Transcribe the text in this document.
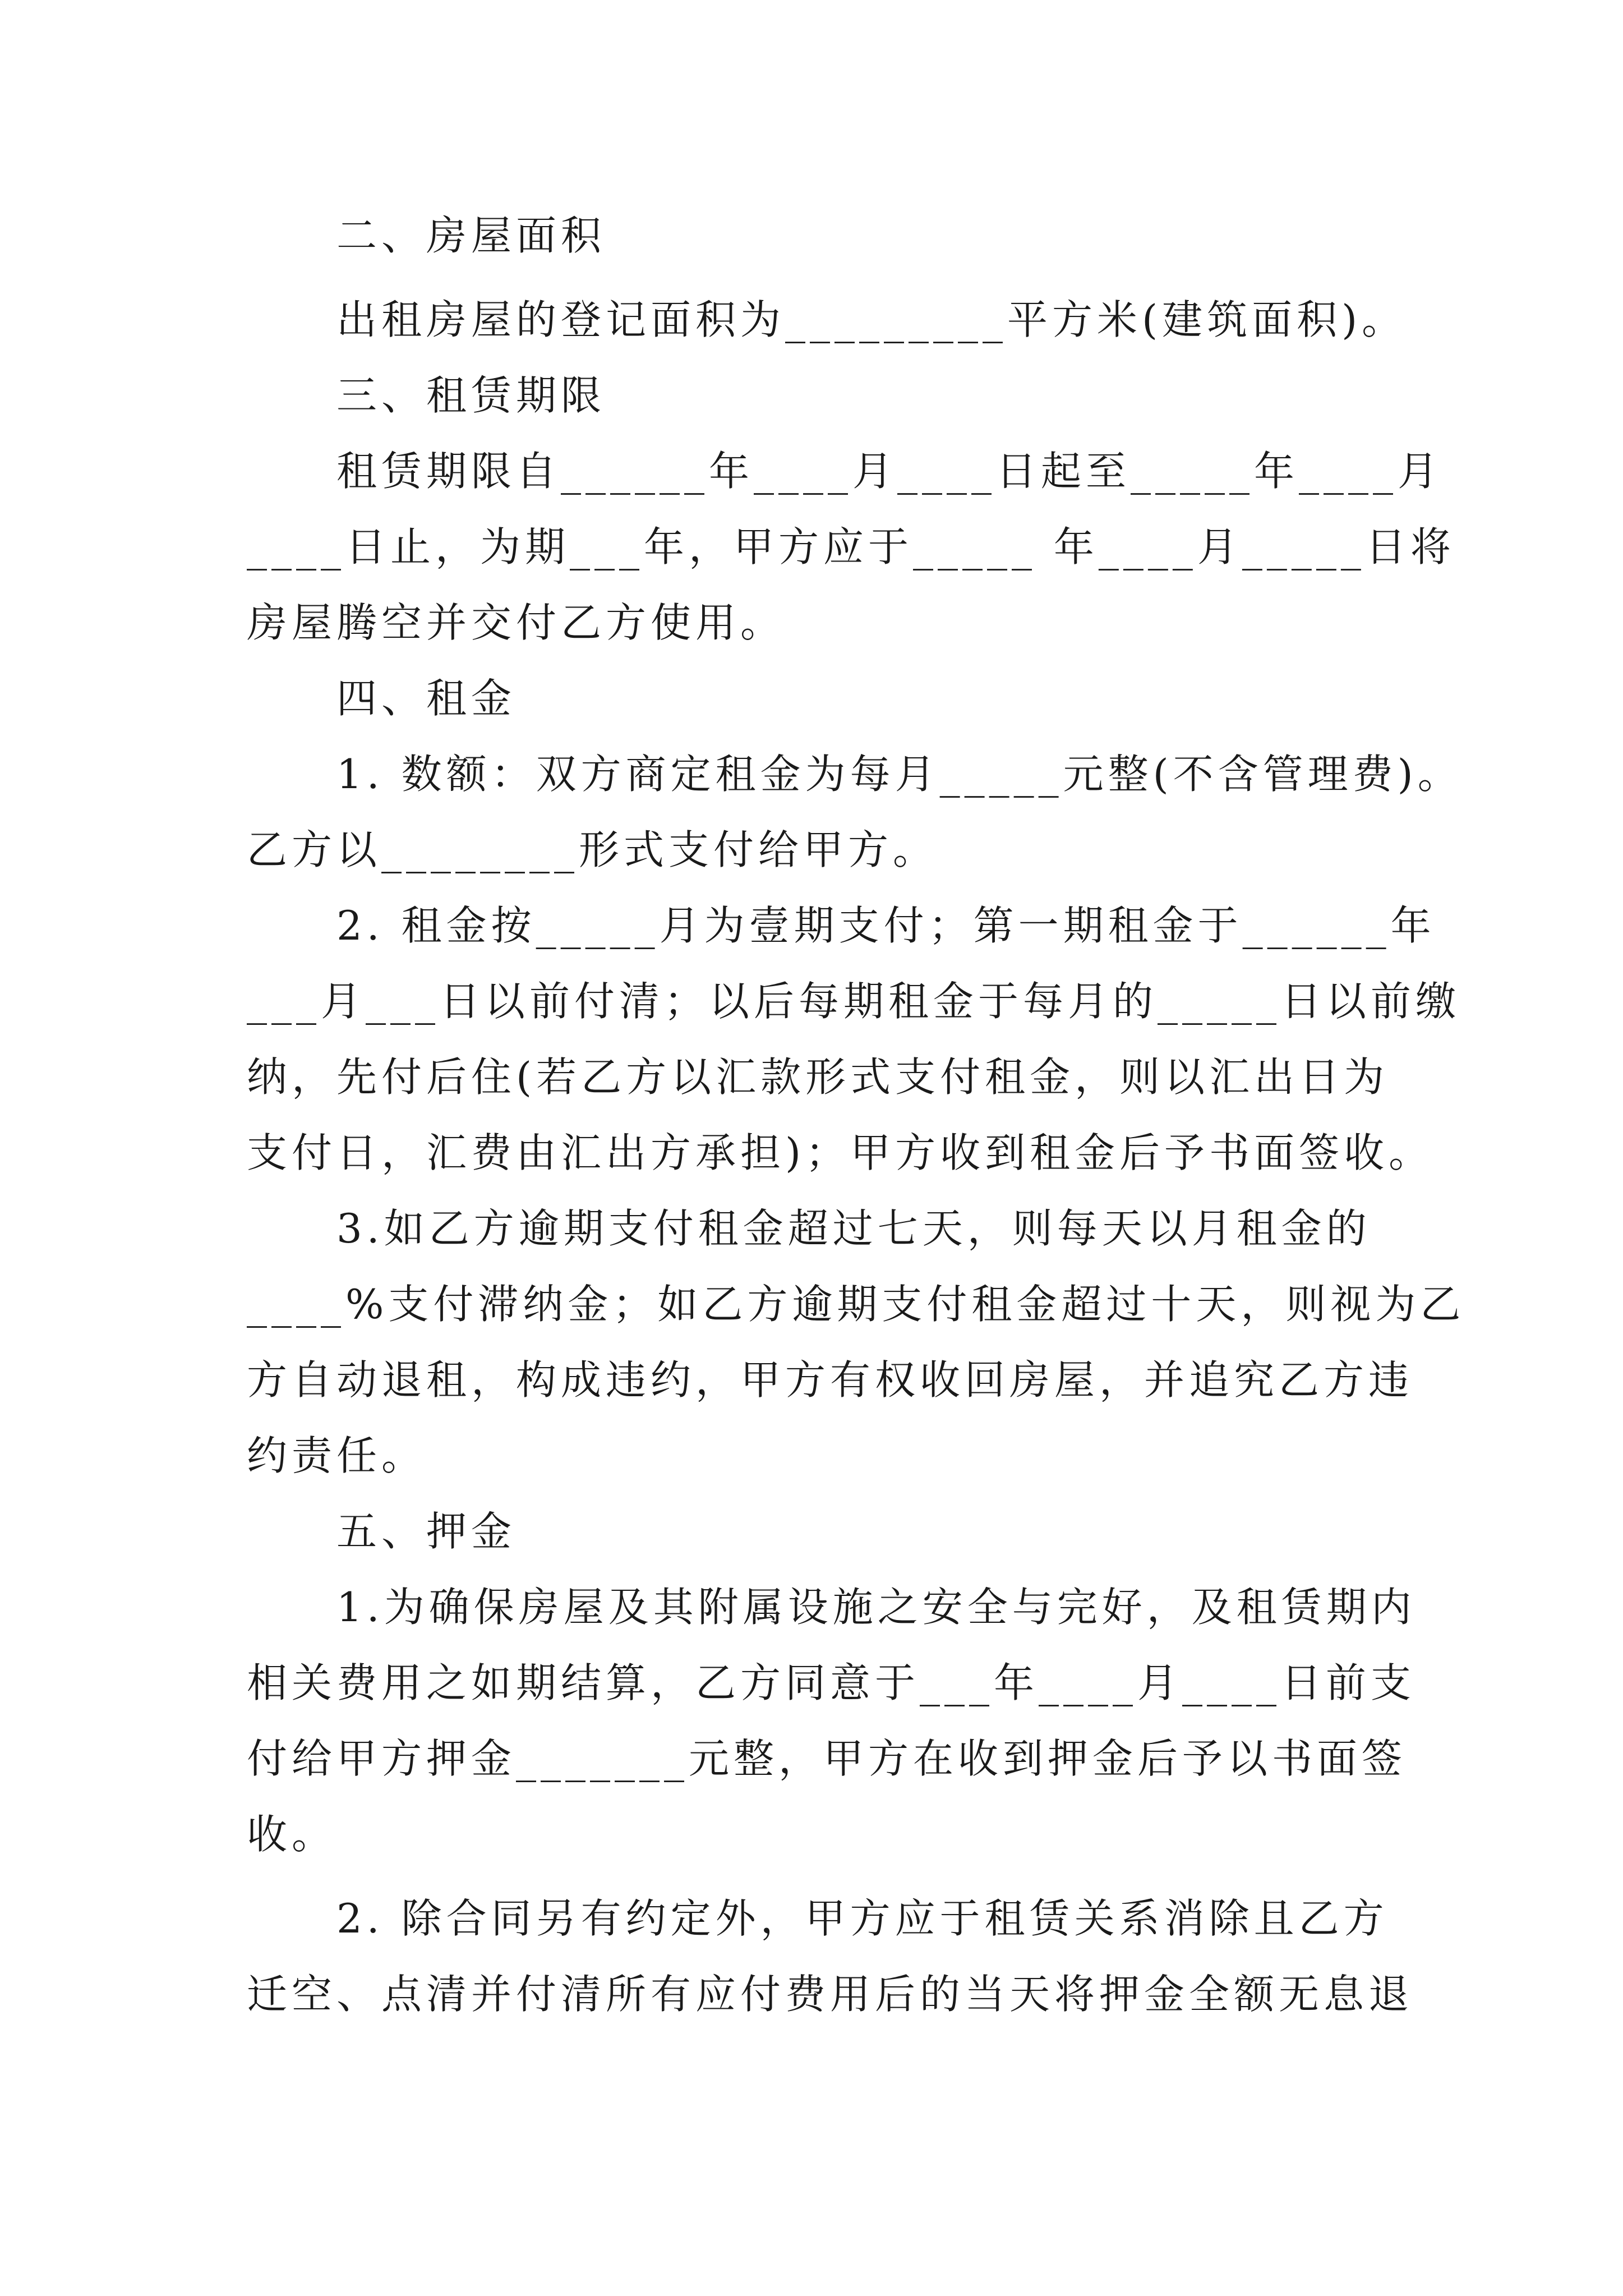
二、房屋面积
出租房屋的登记面积为_________平方米(建筑面积)。
三、租赁期限
租赁期限自______年____月____日起至_____年____月
____日止，为期___年，甲方应于_____ 年____月_____日将
房屋腾空并交付乙方使用。
四、租金
1. 数额：双方商定租金为每月_____元整(不含管理费)。
乙方以________形式支付给甲方。
2. 租金按_____月为壹期支付；第一期租金于______年
___月___日以前付清；以后每期租金于每月的_____日以前缴
纳，先付后住(若乙方以汇款形式支付租金，则以汇出日为
支付日，汇费由汇出方承担)；甲方收到租金后予书面签收。
3.如乙方逾期支付租金超过七天，则每天以月租金的
____%支付滞纳金；如乙方逾期支付租金超过十天，则视为乙
方自动退租，构成违约，甲方有权收回房屋，并追究乙方违
约责任。
五、押金
1.为确保房屋及其附属设施之安全与完好，及租赁期内
相关费用之如期结算，乙方同意于___年____月____日前支
付给甲方押金_______元整，甲方在收到押金后予以书面签
收。
2. 除合同另有约定外，甲方应于租赁关系消除且乙方
迁空、点清并付清所有应付费用后的当天将押金全额无息退
